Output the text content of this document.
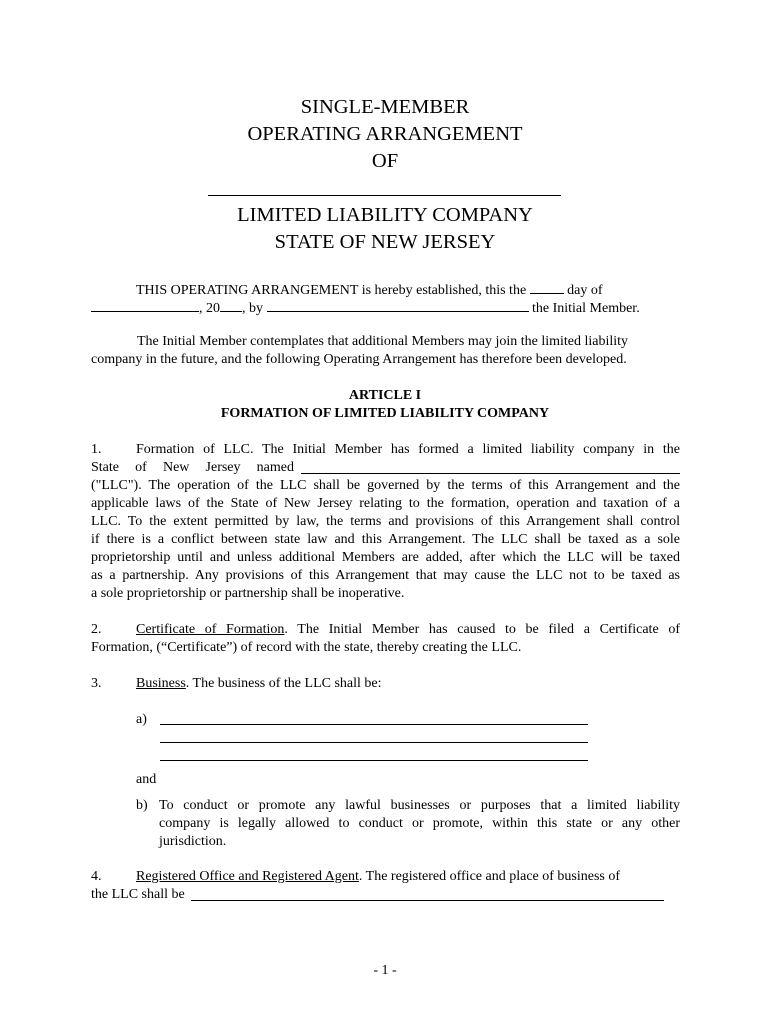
SINGLE-MEMBER
OPERATING ARRANGEMENT
OF
LIMITED LIABILITY COMPANY
STATE OF NEW JERSEY
THIS OPERATING ARRANGEMENT is hereby established, this the	day of
, 20 , by	the Initial Member.
The Initial Member contemplates that additional Members may join the limited liability
company in the future, and the following Operating Arrangement has therefore been developed.
ARTICLE I
FORMATION OF LIMITED LIABILITY COMPANY
1. Formation of LLC. The Initial Member has formed a limited liability company in the
State of New Jersey named
("LLC"). The operation of the LLC shall be governed by the terms of this Arrangement and the
applicable laws of the State of New Jersey relating to the formation, operation and taxation of a
LLC. To the extent permitted by law, the terms and provisions of this Arrangement shall control
if there is a conflict between state law and this Arrangement. The LLC shall be taxed as a sole
proprietorship until and unless additional Members are added, after which the LLC will be taxed
as a partnership. Any provisions of this Arrangement that may cause the LLC not to be taxed as
a sole proprietorship or partnership shall be inoperative.
2. Certificate of Formation. The Initial Member has caused to be filed a Certificate of
Formation, (“Certificate”) of record with the state, thereby creating the LLC.
3. Business. The business of the LLC shall be:
a)
and
b) To conduct or promote any lawful businesses or purposes that a limited liability
company is legally allowed to conduct or promote, within this state or any other
jurisdiction.
4. Registered Office and Registered Agent. The registered office and place of business of
the LLC shall be
- 1 -
